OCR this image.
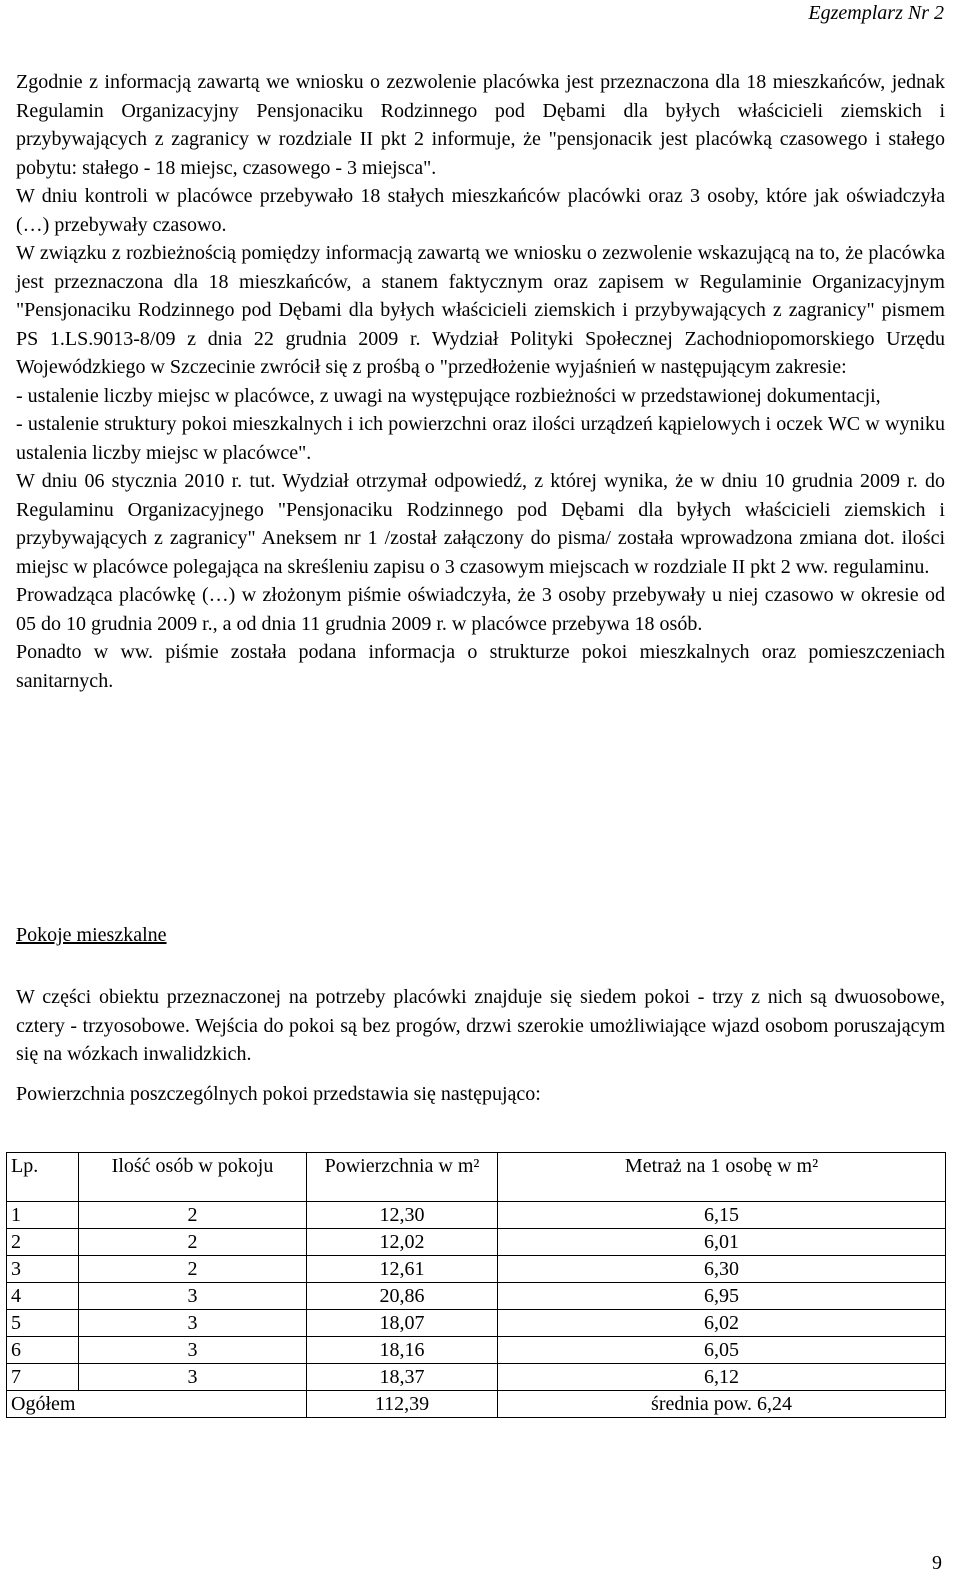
Egzemplarz Nr 2

Zgodnie z informacją zawartą we wniosku o zezwolenie placówka jest przeznaczona dla 18 mieszkańców, jednak Regulamin Organizacyjny Pensjonaciku Rodzinnego pod Dębami dla byłych właścicieli ziemskich i przybywających z zagranicy w rozdziale II pkt 2 informuje, że "pensjonacik jest placówką czasowego i stałego pobytu: stałego - 18 miejsc, czasowego - 3 miejsca".

W dniu kontroli w placówce przebywało 18 stałych mieszkańców placówki oraz 3 osoby, które jak oświadczyła (…) przebywały czasowo.

W związku z rozbieżnością pomiędzy informacją zawartą we wniosku o zezwolenie wskazującą na to, że placówka jest przeznaczona dla 18 mieszkańców, a stanem faktycznym oraz zapisem w Regulaminie Organizacyjnym "Pensjonaciku Rodzinnego pod Dębami dla byłych właścicieli ziemskich i przybywających z zagranicy" pismem PS 1.LS.9013-8/09 z dnia 22 grudnia 2009 r. Wydział Polityki Społecznej Zachodniopomorskiego Urzędu Wojewódzkiego w Szczecinie zwrócił się z prośbą o "przedłożenie wyjaśnień w następującym zakresie:

- ustalenie liczby miejsc w placówce, z uwagi na występujące rozbieżności w przedstawionej dokumentacji,

- ustalenie struktury pokoi mieszkalnych i ich powierzchni oraz ilości urządzeń kąpielowych i oczek WC w wyniku ustalenia liczby miejsc w placówce".

W dniu 06 stycznia 2010 r. tut. Wydział otrzymał odpowiedź, z której wynika, że w dniu 10 grudnia 2009 r. do Regulaminu Organizacyjnego "Pensjonaciku Rodzinnego pod Dębami dla byłych właścicieli ziemskich i przybywających z zagranicy" Aneksem nr 1 /został załączony do pisma/ została wprowadzona zmiana dot. ilości miejsc w placówce polegająca na skreśleniu zapisu o 3 czasowym miejscach w rozdziale II pkt 2 ww. regulaminu.

Prowadząca placówkę (…) w złożonym piśmie oświadczyła, że 3 osoby przebywały u niej czasowo w okresie od 05 do 10 grudnia 2009 r., a od dnia 11 grudnia 2009 r. w placówce przebywa 18 osób.

Ponadto w ww. piśmie została podana informacja o strukturze pokoi mieszkalnych oraz pomieszczeniach sanitarnych.

Pokoje mieszkalne
W części obiektu przeznaczonej na potrzeby placówki znajduje się siedem pokoi - trzy z nich są dwuosobowe, cztery - trzyosobowe. Wejścia do pokoi są bez progów, drzwi szerokie umożliwiające wjazd osobom poruszającym się na wózkach inwalidzkich.
Powierzchnia poszczególnych pokoi przedstawia się następująco:
Lp.	Ilość osób w pokoju	Powierzchnia w m²	Metraż na 1 osobę w m²
1	2	12,30	6,15
2	2	12,02	6,01
3	2	12,61	6,30
4	3	20,86	6,95
5	3	18,07	6,02
6	3	18,16	6,05
7	3	18,37	6,12
Ogółem		112,39	średnia pow. 6,24
9
